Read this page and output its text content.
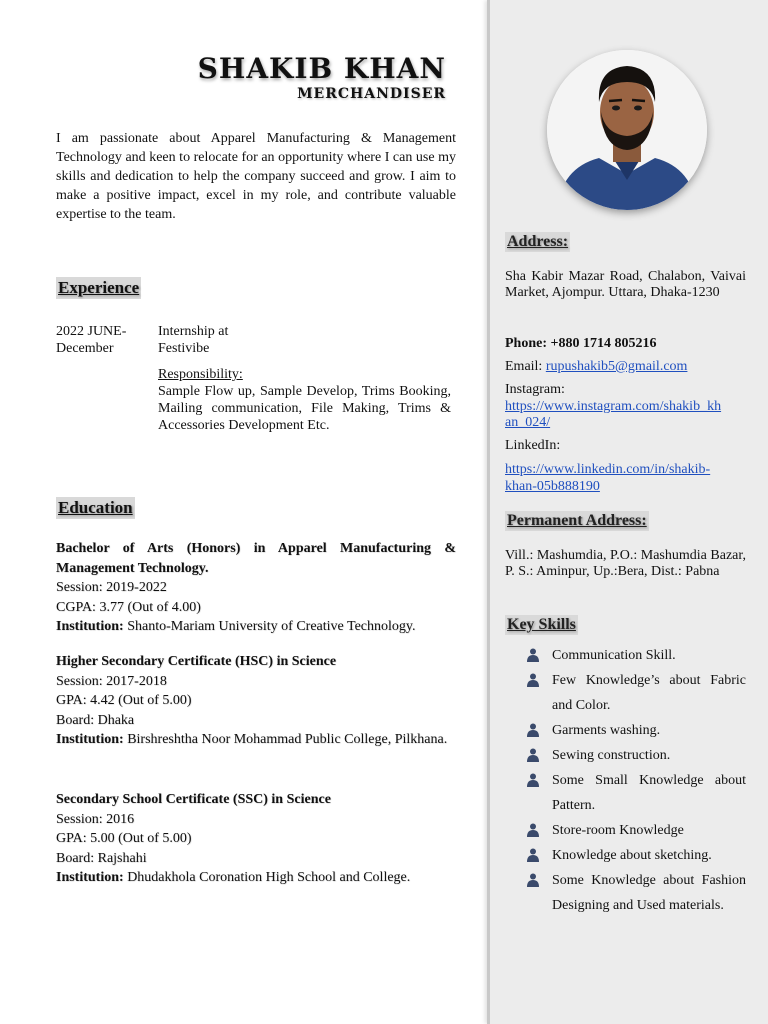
SHAKIB KHAN
MERCHANDISER

I am passionate about Apparel Manufacturing & Management Technology and keen to relocate for an opportunity where I can use my skills and dedication to help the company succeed and grow. I aim to make a positive impact, excel in my role, and contribute valuable expertise to the team.

Experience
2022 JUNE-
December
Internship at
Festivibe
Responsibility:
Sample Flow up, Sample Develop, Trims Booking, Mailing communication, File Making, Trims & Accessories Development Etc.
Education
Bachelor of Arts (Honors) in Apparel Manufacturing & Management Technology.
Session: 2019-2022
CGPA: 3.77 (Out of 4.00)
Institution: Shanto-Mariam University of Creative Technology.
Higher Secondary Certificate (HSC) in Science
Session: 2017-2018
GPA: 4.42 (Out of 5.00)
Board: Dhaka
Institution: Birshreshtha Noor Mohammad Public College, Pilkhana.
Secondary School Certificate (SSC) in Science
Session: 2016
GPA: 5.00 (Out of 5.00)
Board: Rajshahi
Institution: Dhudakhola Coronation High School and College.
Address:

Sha Kabir Mazar Road, Chalabon, Vaivai Market, Ajompur. Uttara, Dhaka-1230

Phone: +880 1714 805216
Email: rupushakib5@gmail.com
Instagram:
https://www.instagram.com/shakib_kh
an_024/
LinkedIn:
https://www.linkedin.com/in/shakib-
khan-05b888190
Permanent Address:

Vill.: Mashumdia, P.O.: Mashumdia Bazar, P. S.: Aminpur, Up.:Bera, Dist.: Pabna

Key Skills
Communication Skill.
Few Knowledge’s about Fabric and Color.
Garments washing.
Sewing construction.
Some Small Knowledge about Pattern.
Store-room Knowledge
Knowledge about sketching.
Some Knowledge about Fashion Designing and Used materials.
